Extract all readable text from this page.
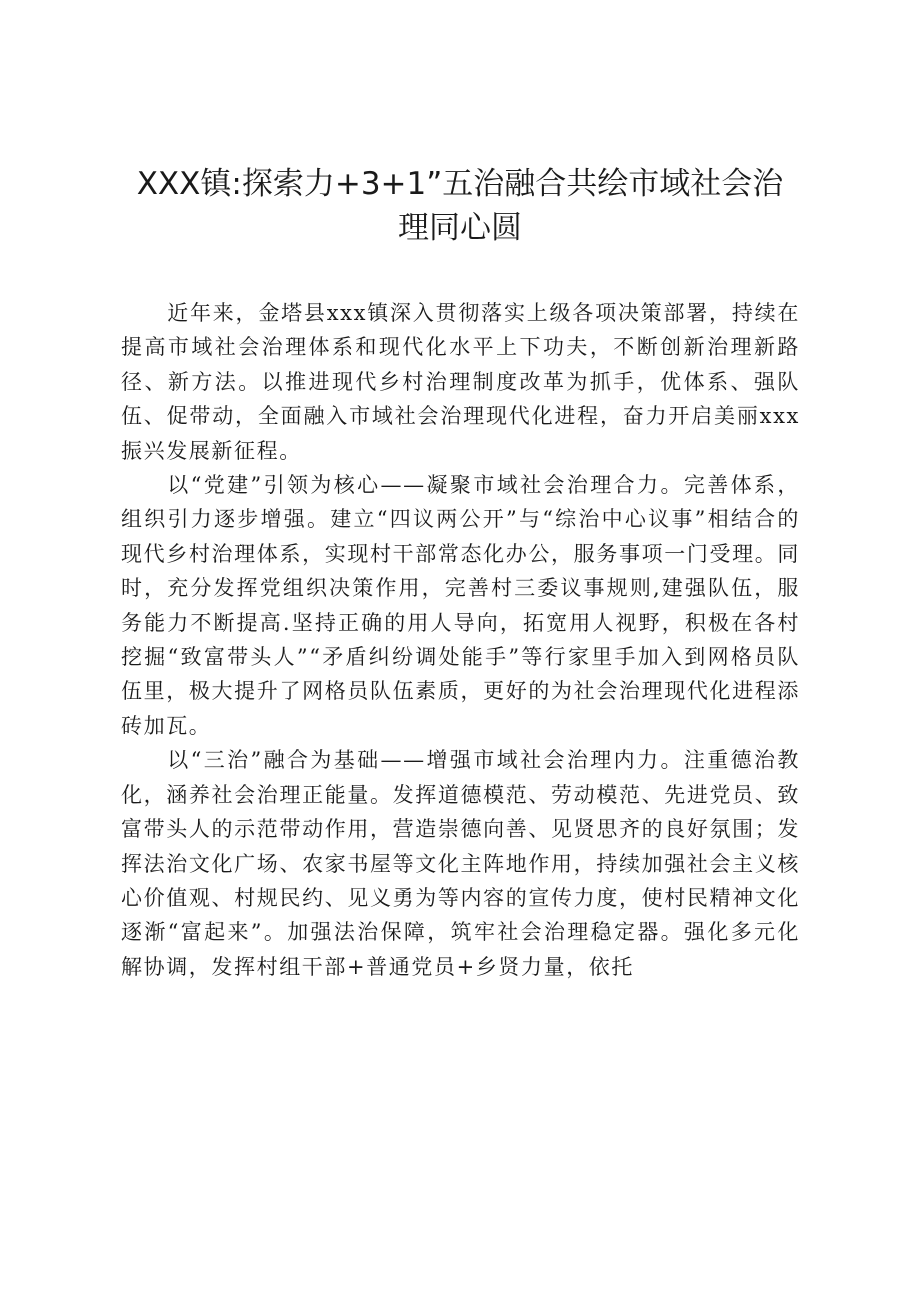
XXX镇:探索力+3+1”五治融合共绘市域社会治
理同心圆

近年来，金塔县xxx镇深入贯彻落实上级各项决策部署，持续在提高市域社会治理体系和现代化水平上下功夫，不断创新治理新路径、新方法。以推进现代乡村治理制度改革为抓手，优体系、强队伍、促带动，全面融入市域社会治理现代化进程，奋力开启美丽xxx振兴发展新征程。

以“党建”引领为核心——凝聚市域社会治理合力。完善体系，组织引力逐步增强。建立“四议两公开”与“综治中心议事”相结合的现代乡村治理体系，实现村干部常态化办公，服务事项一门受理。同时，充分发挥党组织决策作用，完善村三委议事规则,建强队伍，服务能力不断提高.坚持正确的用人导向，拓宽用人视野，积极在各村挖掘“致富带头人”“矛盾纠纷调处能手”等行家里手加入到网格员队伍里，极大提升了网格员队伍素质，更好的为社会治理现代化进程添砖加瓦。

以“三治”融合为基础——增强市域社会治理内力。注重德治教化，涵养社会治理正能量。发挥道德模范、劳动模范、先进党员、致富带头人的示范带动作用，营造崇德向善、见贤思齐的良好氛围；发挥法治文化广场、农家书屋等文化主阵地作用，持续加强社会主义核心价值观、村规民约、见义勇为等内容的宣传力度，使村民精神文化逐渐“富起来”。加强法治保障，筑牢社会治理稳定器。强化多元化解协调，发挥村组干部+普通党员+乡贤力量，依托
